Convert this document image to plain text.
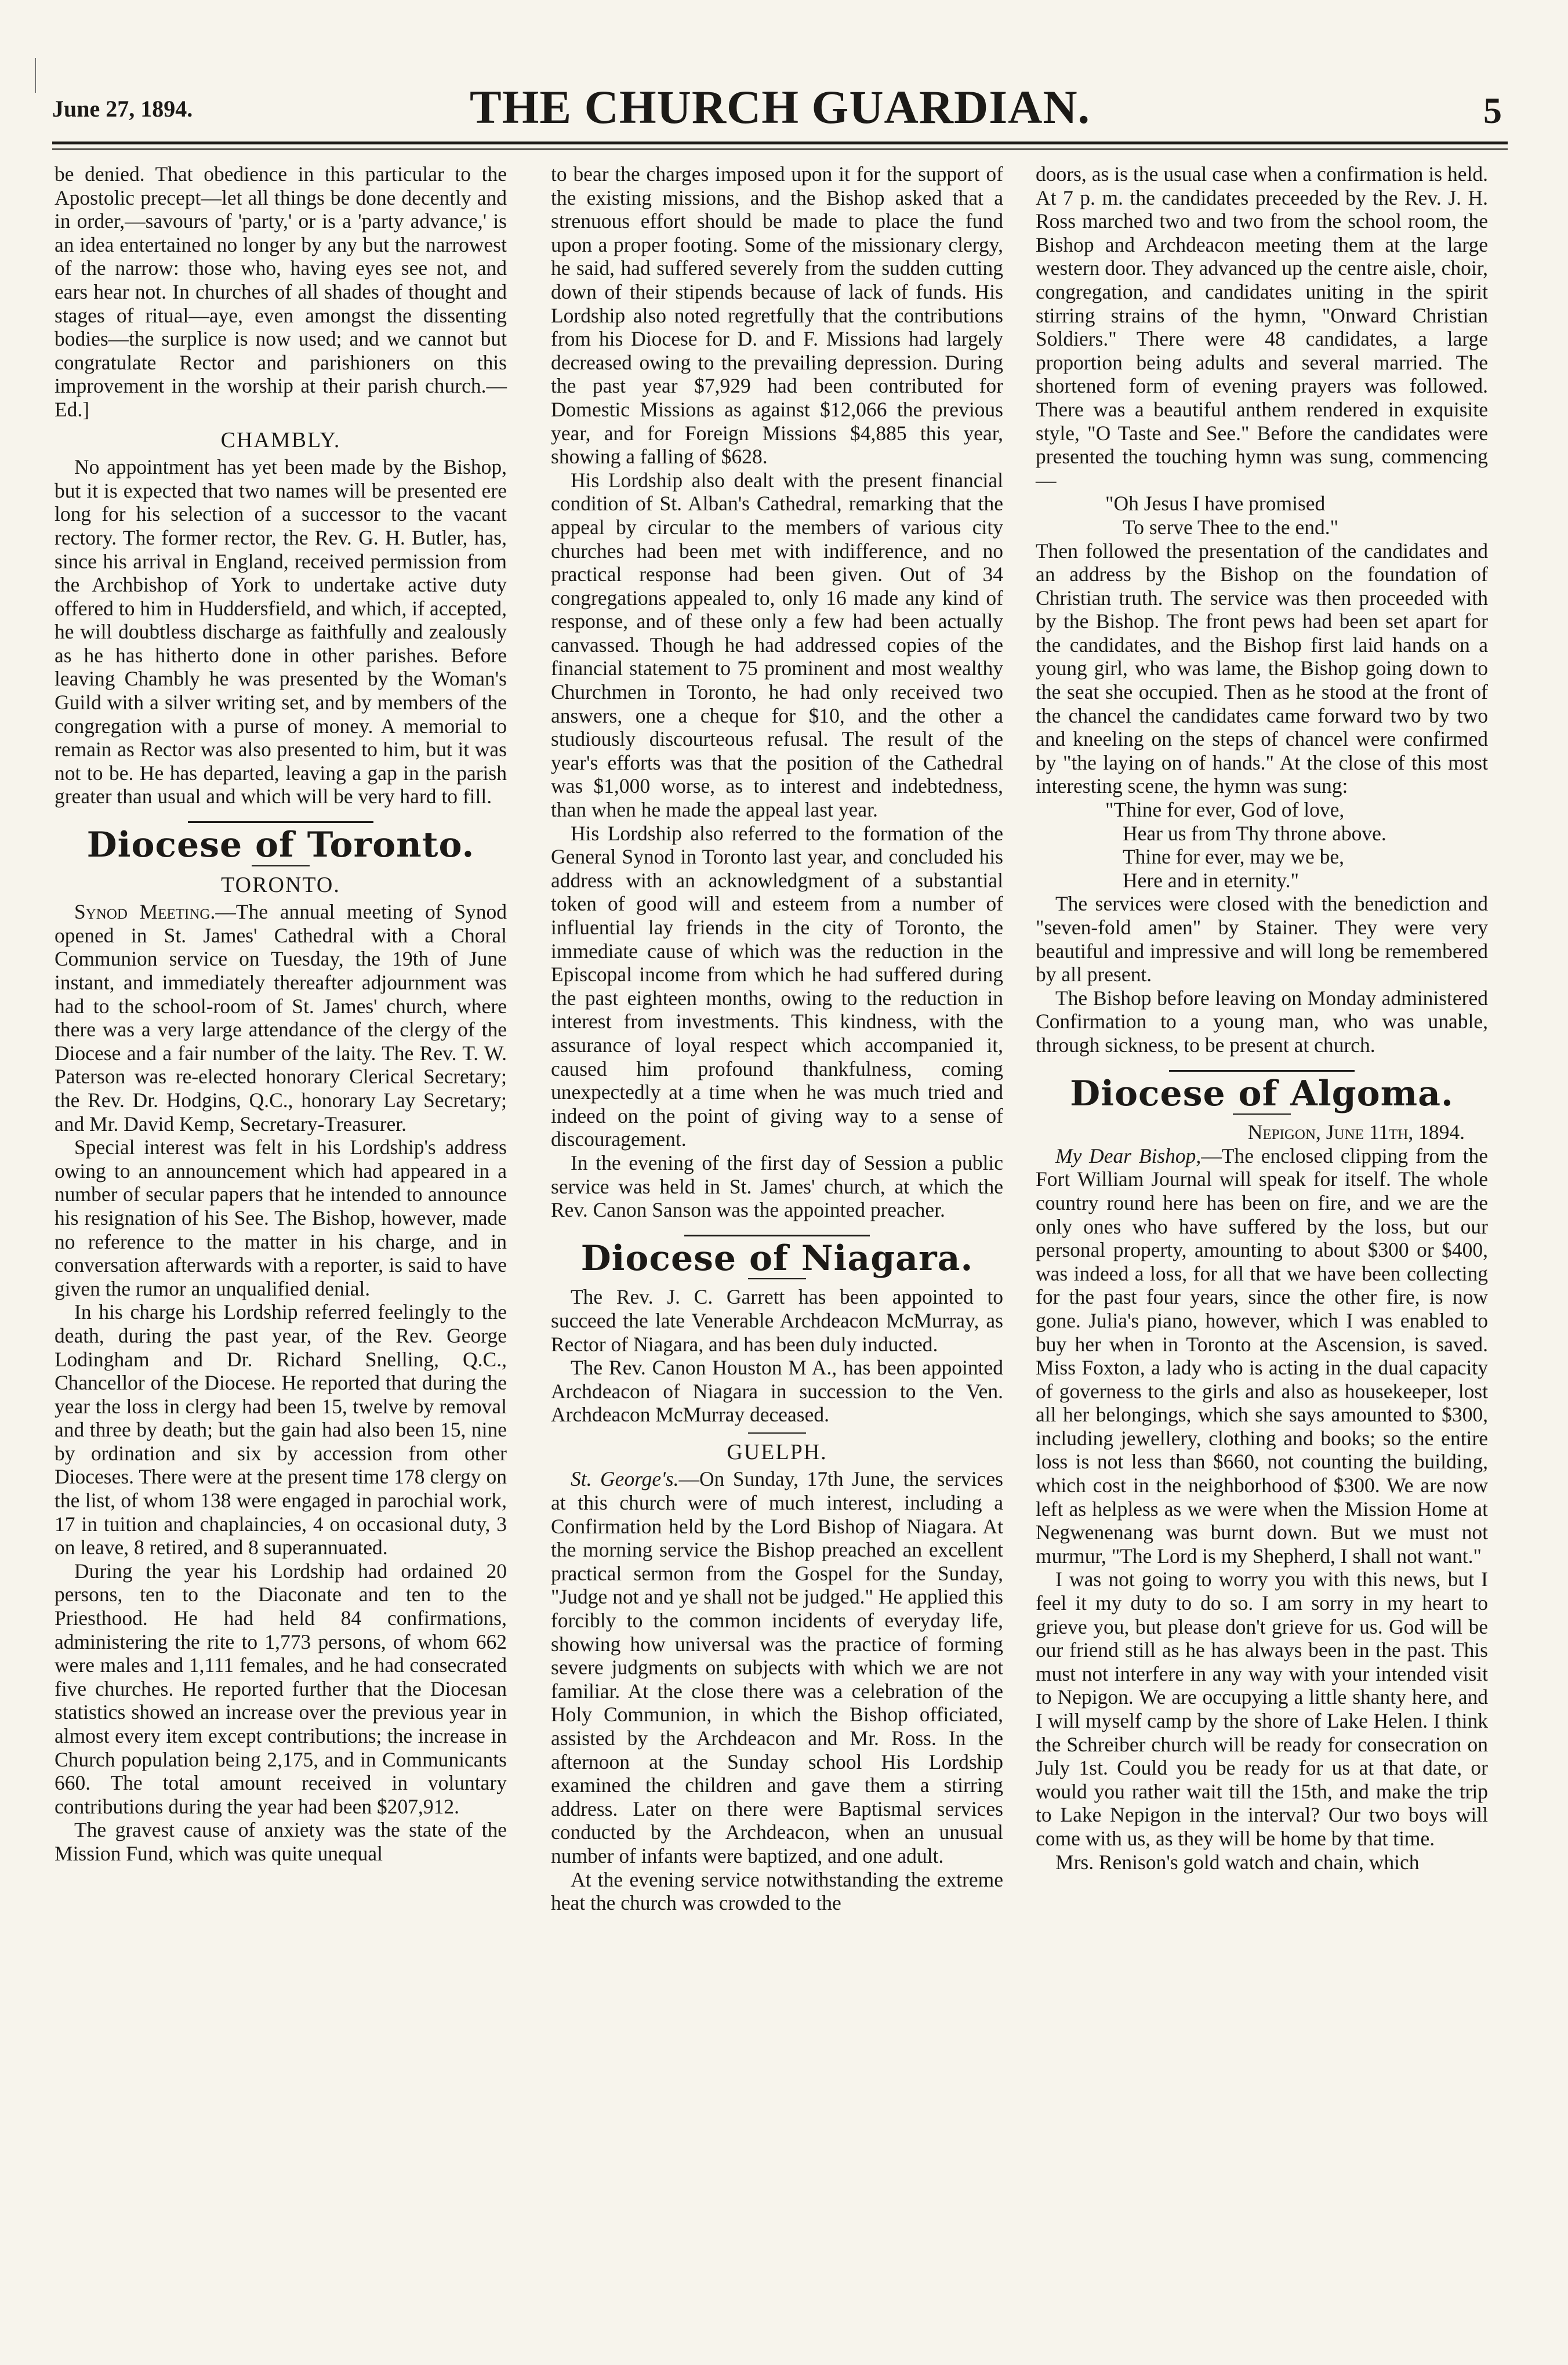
June 27, 1894.	THE CHURCH GUARDIAN.	5

be denied. That obedience in this particular to the Apostolic precept—let all things be done decently and in order,—savours of 'party,' or is a 'party advance,' is an idea entertained no longer by any but the narrowest of the narrow: those who, having eyes see not, and ears hear not. In churches of all shades of thought and stages of ritual—aye, even amongst the dissenting bodies—the surplice is now used; and we cannot but congratulate Rector and parishioners on this improvement in the worship at their parish church.—Ed.]

CHAMBLY.

No appointment has yet been made by the Bishop, but it is expected that two names will be presented ere long for his selection of a successor to the vacant rectory. The former rector, the Rev. G. H. Butler, has, since his arrival in England, received permission from the Archbishop of York to undertake active duty offered to him in Huddersfield, and which, if accepted, he will doubtless discharge as faithfully and zealously as he has hitherto done in other parishes. Before leaving Chambly he was presented by the Woman's Guild with a silver writing set, and by members of the congregation with a purse of money. A memorial to remain as Rector was also presented to him, but it was not to be. He has departed, leaving a gap in the parish greater than usual and which will be very hard to fill.

Diocese of Toronto.
TORONTO.

Synod Meeting.—The annual meeting of Synod opened in St. James' Cathedral with a Choral Communion service on Tuesday, the 19th of June instant, and immediately thereafter adjournment was had to the school-room of St. James' church, where there was a very large attendance of the clergy of the Diocese and a fair number of the laity. The Rev. T. W. Paterson was re-elected honorary Clerical Secretary; the Rev. Dr. Hodgins, Q.C., honorary Lay Secretary; and Mr. David Kemp, Secretary-Treasurer.

Special interest was felt in his Lordship's address owing to an announcement which had appeared in a number of secular papers that he intended to announce his resignation of his See. The Bishop, however, made no reference to the matter in his charge, and in conversation afterwards with a reporter, is said to have given the rumor an unqualified denial.

In his charge his Lordship referred feelingly to the death, during the past year, of the Rev. George Lodingham and Dr. Richard Snelling, Q.C., Chancellor of the Diocese. He reported that during the year the loss in clergy had been 15, twelve by removal and three by death; but the gain had also been 15, nine by ordination and six by accession from other Dioceses. There were at the present time 178 clergy on the list, of whom 138 were engaged in parochial work, 17 in tuition and chaplaincies, 4 on occasional duty, 3 on leave, 8 retired, and 8 superannuated.

During the year his Lordship had ordained 20 persons, ten to the Diaconate and ten to the Priesthood. He had held 84 confirmations, administering the rite to 1,773 persons, of whom 662 were males and 1,111 females, and he had consecrated five churches. He reported further that the Diocesan statistics showed an increase over the previous year in almost every item except contributions; the increase in Church population being 2,175, and in Communicants 660. The total amount received in voluntary contributions during the year had been $207,912.

The gravest cause of anxiety was the state of the Mission Fund, which was quite unequal

to bear the charges imposed upon it for the support of the existing missions, and the Bishop asked that a strenuous effort should be made to place the fund upon a proper footing. Some of the missionary clergy, he said, had suffered severely from the sudden cutting down of their stipends because of lack of funds. His Lordship also noted regretfully that the contributions from his Diocese for D. and F. Missions had largely decreased owing to the prevailing depression. During the past year $7,929 had been contributed for Domestic Missions as against $12,066 the previous year, and for Foreign Missions $4,885 this year, showing a falling of $628.

His Lordship also dealt with the present financial condition of St. Alban's Cathedral, remarking that the appeal by circular to the members of various city churches had been met with indifference, and no practical response had been given. Out of 34 congregations appealed to, only 16 made any kind of response, and of these only a few had been actually canvassed. Though he had addressed copies of the financial statement to 75 prominent and most wealthy Churchmen in Toronto, he had only received two answers, one a cheque for $10, and the other a studiously discourteous refusal. The result of the year's efforts was that the position of the Cathedral was $1,000 worse, as to interest and indebtedness, than when he made the appeal last year.

His Lordship also referred to the formation of the General Synod in Toronto last year, and concluded his address with an acknowledgment of a substantial token of good will and esteem from a number of influential lay friends in the city of Toronto, the immediate cause of which was the reduction in the Episcopal income from which he had suffered during the past eighteen months, owing to the reduction in interest from investments. This kindness, with the assurance of loyal respect which accompanied it, caused him profound thankfulness, coming unexpectedly at a time when he was much tried and indeed on the point of giving way to a sense of discouragement.

In the evening of the first day of Session a public service was held in St. James' church, at which the Rev. Canon Sanson was the appointed preacher.

Diocese of Niagara.

The Rev. J. C. Garrett has been appointed to succeed the late Venerable Archdeacon McMurray, as Rector of Niagara, and has been duly inducted.

The Rev. Canon Houston M A., has been appointed Archdeacon of Niagara in succession to the Ven. Archdeacon McMurray deceased.

GUELPH.

St. George's.—On Sunday, 17th June, the services at this church were of much interest, including a Confirmation held by the Lord Bishop of Niagara. At the morning service the Bishop preached an excellent practical sermon from the Gospel for the Sunday, "Judge not and ye shall not be judged." He applied this forcibly to the common incidents of everyday life, showing how universal was the practice of forming severe judgments on subjects with which we are not familiar. At the close there was a celebration of the Holy Communion, in which the Bishop officiated, assisted by the Archdeacon and Mr. Ross. In the afternoon at the Sunday school His Lordship examined the children and gave them a stirring address. Later on there were Baptismal services conducted by the Archdeacon, when an unusual number of infants were baptized, and one adult.

At the evening service notwithstanding the extreme heat the church was crowded to the

doors, as is the usual case when a confirmation is held. At 7 p. m. the candidates preceeded by the Rev. J. H. Ross marched two and two from the school room, the Bishop and Archdeacon meeting them at the large western door. They advanced up the centre aisle, choir, congregation, and candidates uniting in the spirit stirring strains of the hymn, "Onward Christian Soldiers." There were 48 candidates, a large proportion being adults and several married. The shortened form of evening prayers was followed. There was a beautiful anthem rendered in exquisite style, "O Taste and See." Before the candidates were presented the touching hymn was sung, commencing—

"Oh Jesus I have promised

To serve Thee to the end."

Then followed the presentation of the candidates and an address by the Bishop on the foundation of Christian truth. The service was then proceeded with by the Bishop. The front pews had been set apart for the candidates, and the Bishop first laid hands on a young girl, who was lame, the Bishop going down to the seat she occupied. Then as he stood at the front of the chancel the candidates came forward two by two and kneeling on the steps of chancel were confirmed by "the laying on of hands." At the close of this most interesting scene, the hymn was sung:

"Thine for ever, God of love,

Hear us from Thy throne above.

Thine for ever, may we be,

Here and in eternity."

The services were closed with the benediction and "seven-fold amen" by Stainer. They were very beautiful and impressive and will long be remembered by all present.

The Bishop before leaving on Monday administered Confirmation to a young man, who was unable, through sickness, to be present at church.

Diocese of Algoma.

Nepigon, June 11th, 1894.

My Dear Bishop,—The enclosed clipping from the Fort William Journal will speak for itself. The whole country round here has been on fire, and we are the only ones who have suffered by the loss, but our personal property, amounting to about $300 or $400, was indeed a loss, for all that we have been collecting for the past four years, since the other fire, is now gone. Julia's piano, however, which I was enabled to buy her when in Toronto at the Ascension, is saved. Miss Foxton, a lady who is acting in the dual capacity of governess to the girls and also as housekeeper, lost all her belongings, which she says amounted to $300, including jewellery, clothing and books; so the entire loss is not less than $660, not counting the building, which cost in the neighborhood of $300. We are now left as helpless as we were when the Mission Home at Negwenenang was burnt down. But we must not murmur, "The Lord is my Shepherd, I shall not want."

I was not going to worry you with this news, but I feel it my duty to do so. I am sorry in my heart to grieve you, but please don't grieve for us. God will be our friend still as he has always been in the past. This must not interfere in any way with your intended visit to Nepigon. We are occupying a little shanty here, and I will myself camp by the shore of Lake Helen. I think the Schreiber church will be ready for consecration on July 1st. Could you be ready for us at that date, or would you rather wait till the 15th, and make the trip to Lake Nepigon in the interval? Our two boys will come with us, as they will be home by that time.

Mrs. Renison's gold watch and chain, which
